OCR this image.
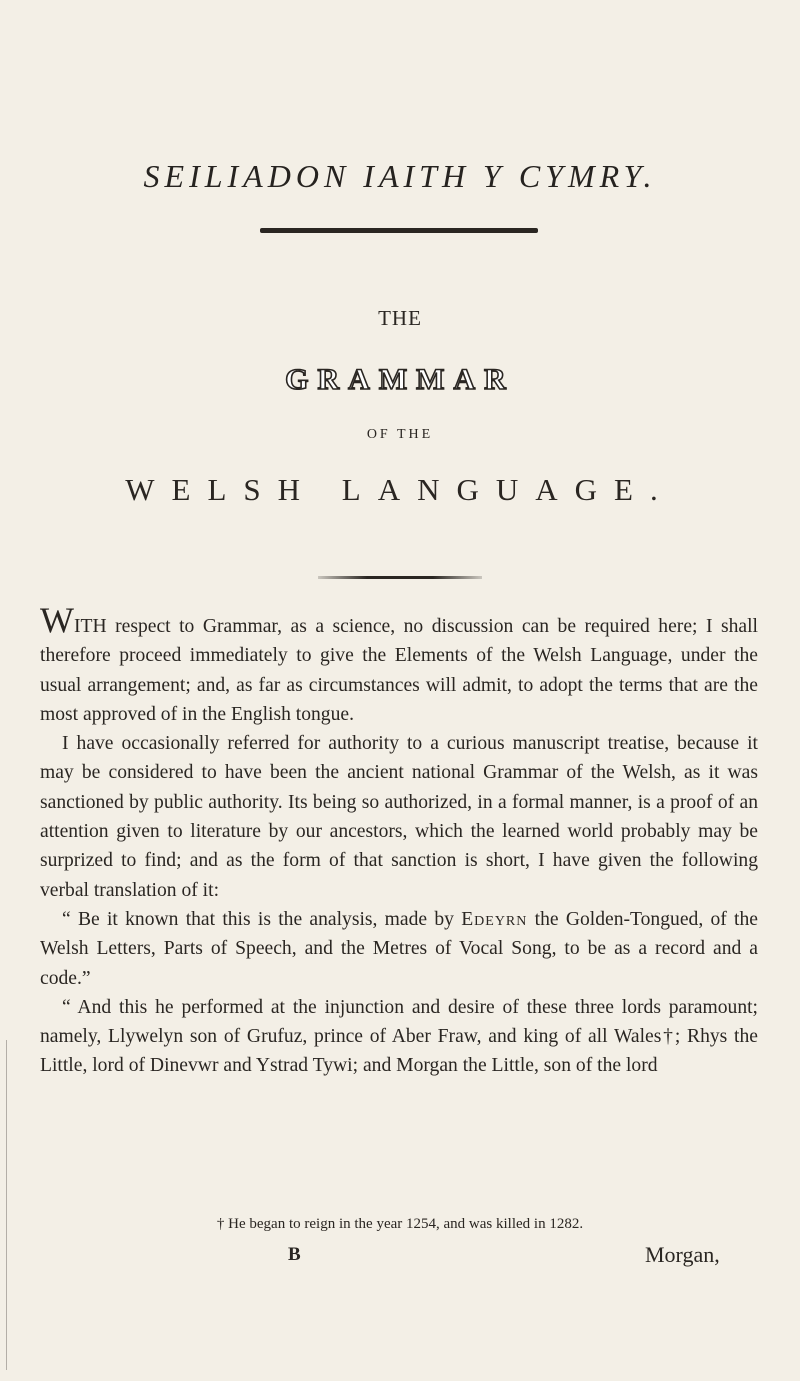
SEILIADON IAITH Y CYMRY.
THE
GRAMMAR
OF THE
WELSH LANGUAGE.

WITH respect to Grammar, as a science, no discussion can be required here; I shall therefore proceed immediately to give the Elements of the Welsh Language, under the usual arrangement; and, as far as circumstances will admit, to adopt the terms that are the most approved of in the English tongue.

I have occasionally referred for authority to a curious manuscript treatise, because it may be considered to have been the ancient national Grammar of the Welsh, as it was sanctioned by public authority. Its being so authorized, in a formal manner, is a proof of an attention given to literature by our ancestors, which the learned world probably may be surprized to find; and as the form of that sanction is short, I have given the following verbal translation of it:

“ Be it known that this is the analysis, made by Edeyrn the Golden-Tongued, of the Welsh Letters, Parts of Speech, and the Metres of Vocal Song, to be as a record and a code.”

“ And this he performed at the injunction and desire of these three lords paramount; namely, Llywelyn son of Grufuz, prince of Aber Fraw, and king of all Wales†; Rhys the Little, lord of Dinevwr and Ystrad Tywi; and Morgan the Little, son of the lord

† He began to reign in the year 1254, and was killed in 1282.
B	Morgan,
